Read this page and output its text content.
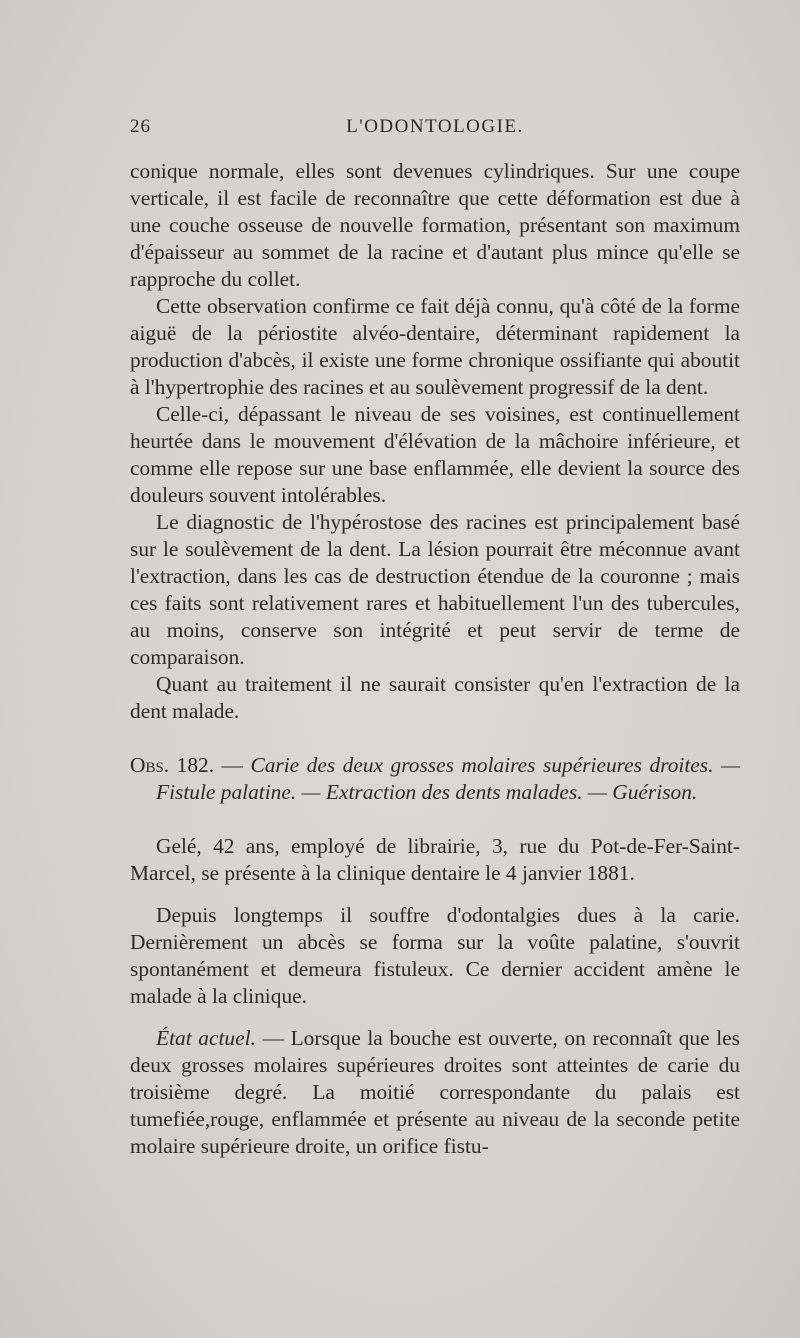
26	L'ODONTOLOGIE.

conique normale, elles sont devenues cylindriques. Sur une coupe verticale, il est facile de reconnaître que cette déformation est due à une couche osseuse de nouvelle formation, présentant son maximum d'épaisseur au sommet de la racine et d'autant plus mince qu'elle se rapproche du collet.

Cette observation confirme ce fait déjà connu, qu'à côté de la forme aiguë de la périostite alvéo-dentaire, déterminant rapidement la production d'abcès, il existe une forme chronique ossifiante qui aboutit à l'hypertrophie des racines et au soulèvement progressif de la dent.

Celle-ci, dépassant le niveau de ses voisines, est continuellement heurtée dans le mouvement d'élévation de la mâchoire inférieure, et comme elle repose sur une base enflammée, elle devient la source des douleurs souvent intolérables.

Le diagnostic de l'hypérostose des racines est principalement basé sur le soulèvement de la dent. La lésion pourrait être méconnue avant l'extraction, dans les cas de destruction étendue de la couronne ; mais ces faits sont relativement rares et habituellement l'un des tubercules, au moins, conserve son intégrité et peut servir de terme de comparaison.

Quant au traitement il ne saurait consister qu'en l'extraction de la dent malade.

Obs. 182. — Carie des deux grosses molaires supérieures droites. — Fistule palatine. — Extraction des dents malades. — Guérison.

Gelé, 42 ans, employé de librairie, 3, rue du Pot-de-Fer-Saint-Marcel, se présente à la clinique dentaire le 4 janvier 1881.

Depuis longtemps il souffre d'odontalgies dues à la carie. Dernièrement un abcès se forma sur la voûte palatine, s'ouvrit spontanément et demeura fistuleux. Ce dernier accident amène le malade à la clinique.

État actuel. — Lorsque la bouche est ouverte, on reconnaît que les deux grosses molaires supérieures droites sont atteintes de carie du troisième degré. La moitié correspondante du palais est tumefiée,rouge, enflammée et présente au niveau de la seconde petite molaire supérieure droite, un orifice fistu-
